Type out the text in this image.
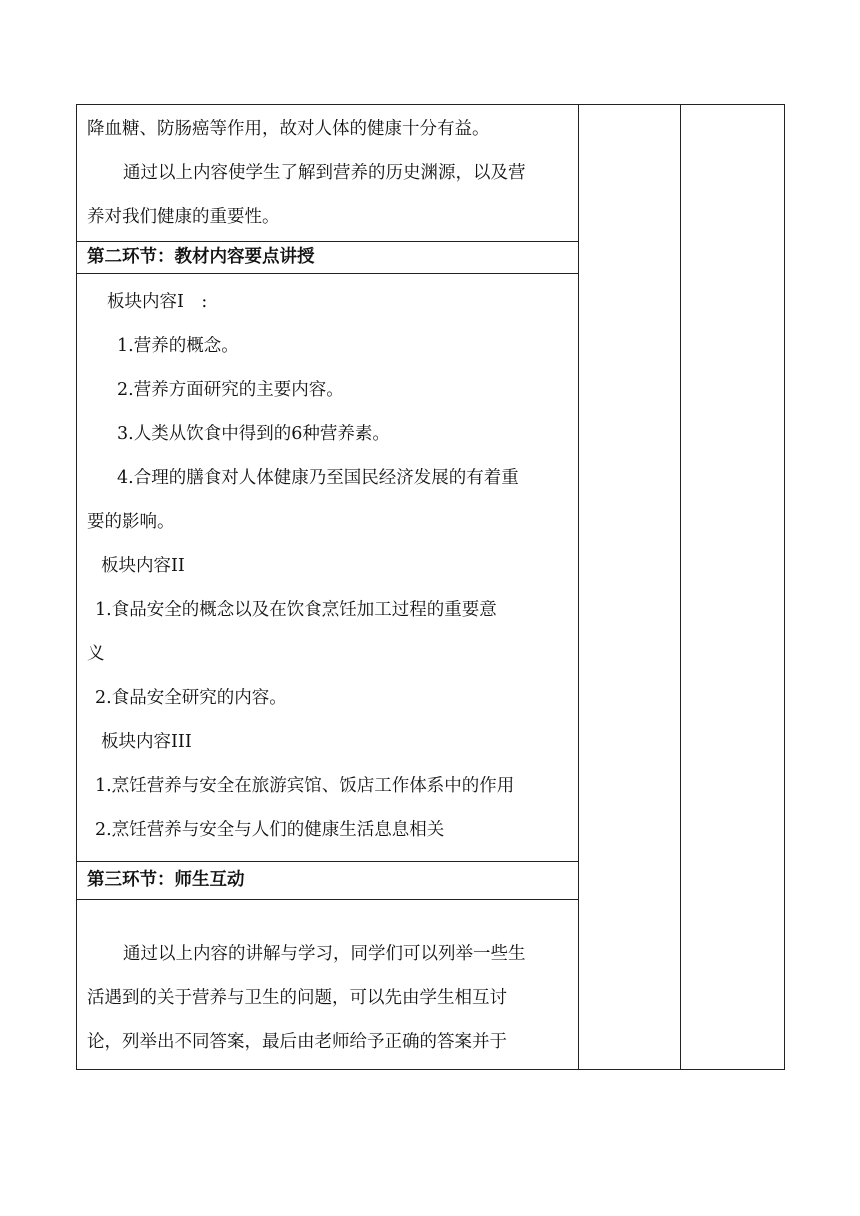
降血糖、防肠癌等作用，故对人体的健康十分有益。
通过以上内容使学生了解到营养的历史渊源，以及营
养对我们健康的重要性。

第二环节：教材内容要点讲授

板块内容I　:
1.营养的概念。
2.营养方面研究的主要内容。
3.人类从饮食中得到的6种营养素。
4.合理的膳食对人体健康乃至国民经济发展的有着重
要的影响。
板块内容II
1.食品安全的概念以及在饮食烹饪加工过程的重要意
义
2.食品安全研究的内容。
板块内容III
1.烹饪营养与安全在旅游宾馆、饭店工作体系中的作用
2.烹饪营养与安全与人们的健康生活息息相关

第三环节：师生互动

通过以上内容的讲解与学习，同学们可以列举一些生
活遇到的关于营养与卫生的问题，可以先由学生相互讨
论，列举出不同答案，最后由老师给予正确的答案并于
